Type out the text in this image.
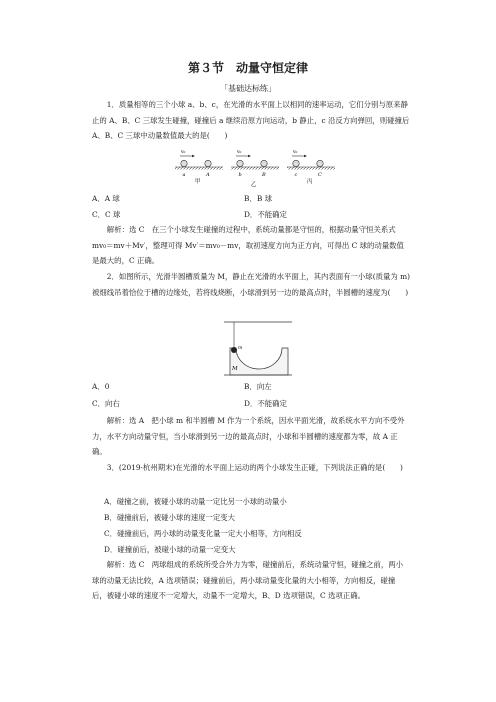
第３节　动量守恒定律
「基础达标练」

1．质量相等的三个小球 a、b、c，在光滑的水平面上以相同的速率运动，它们分别与原来静止的 A、B、C 三球发生碰撞，碰撞后 a 继续沿原方向运动，b 静止，c 沿反方向弹回，则碰撞后 A、B、C 三球中动量数值最大的是(　　)

v₀
a	A
甲
v₀
b	B
乙
v₀
c	C
丙
A．A 球	B．B 球
C．C 球	D．不能确定

解析：选 C　在三个小球发生碰撞的过程中，系统动量都是守恒的，根据动量守恒关系式 mv₀＝mv＋Mv′，整理可得 Mv′＝mv₀－mv，取初速度方向为正方向，可得出 C 球的动量数值是最大的，C 正确。

2．如图所示，光滑半圆槽质量为 M，静止在光滑的水平面上，其内表面有一小球(质量为 m)被细线吊着恰位于槽的边缘处，若将线烧断，小球滑到另一边的最高点时，半圆槽的速度为(　　)

m
M
A．0	B．向左
C．向右	D．不能确定

解析：选 A　把小球 m 和半圆槽 M 作为一个系统，因水平面光滑，故系统水平方向不受外力，水平方向动量守恒，当小球滑到另一边的最高点时，小球和半圆槽的速度都为零，故 A 正确。

3．(2019·杭州期末)在光滑的水平面上运动的两个小球发生正碰，下列说法正确的是(　　)

A．碰撞之前，被碰小球的动量一定比另一小球的动量小
B．碰撞前后，被碰小球的速度一定变大
C．碰撞前后，两小球的动量变化量一定大小相等，方向相反
D．碰撞前后，被碰小球的动量一定变大

解析：选 C　两球组成的系统所受合外力为零，碰撞前后，系统动量守恒，碰撞之前，两小球的动量无法比较，A 选项错误；碰撞前后，两小球动量变化量的大小相等，方向相反，碰撞后，被碰小球的速度不一定增大，动量不一定增大，B、D 选项错误，C 选项正确。
